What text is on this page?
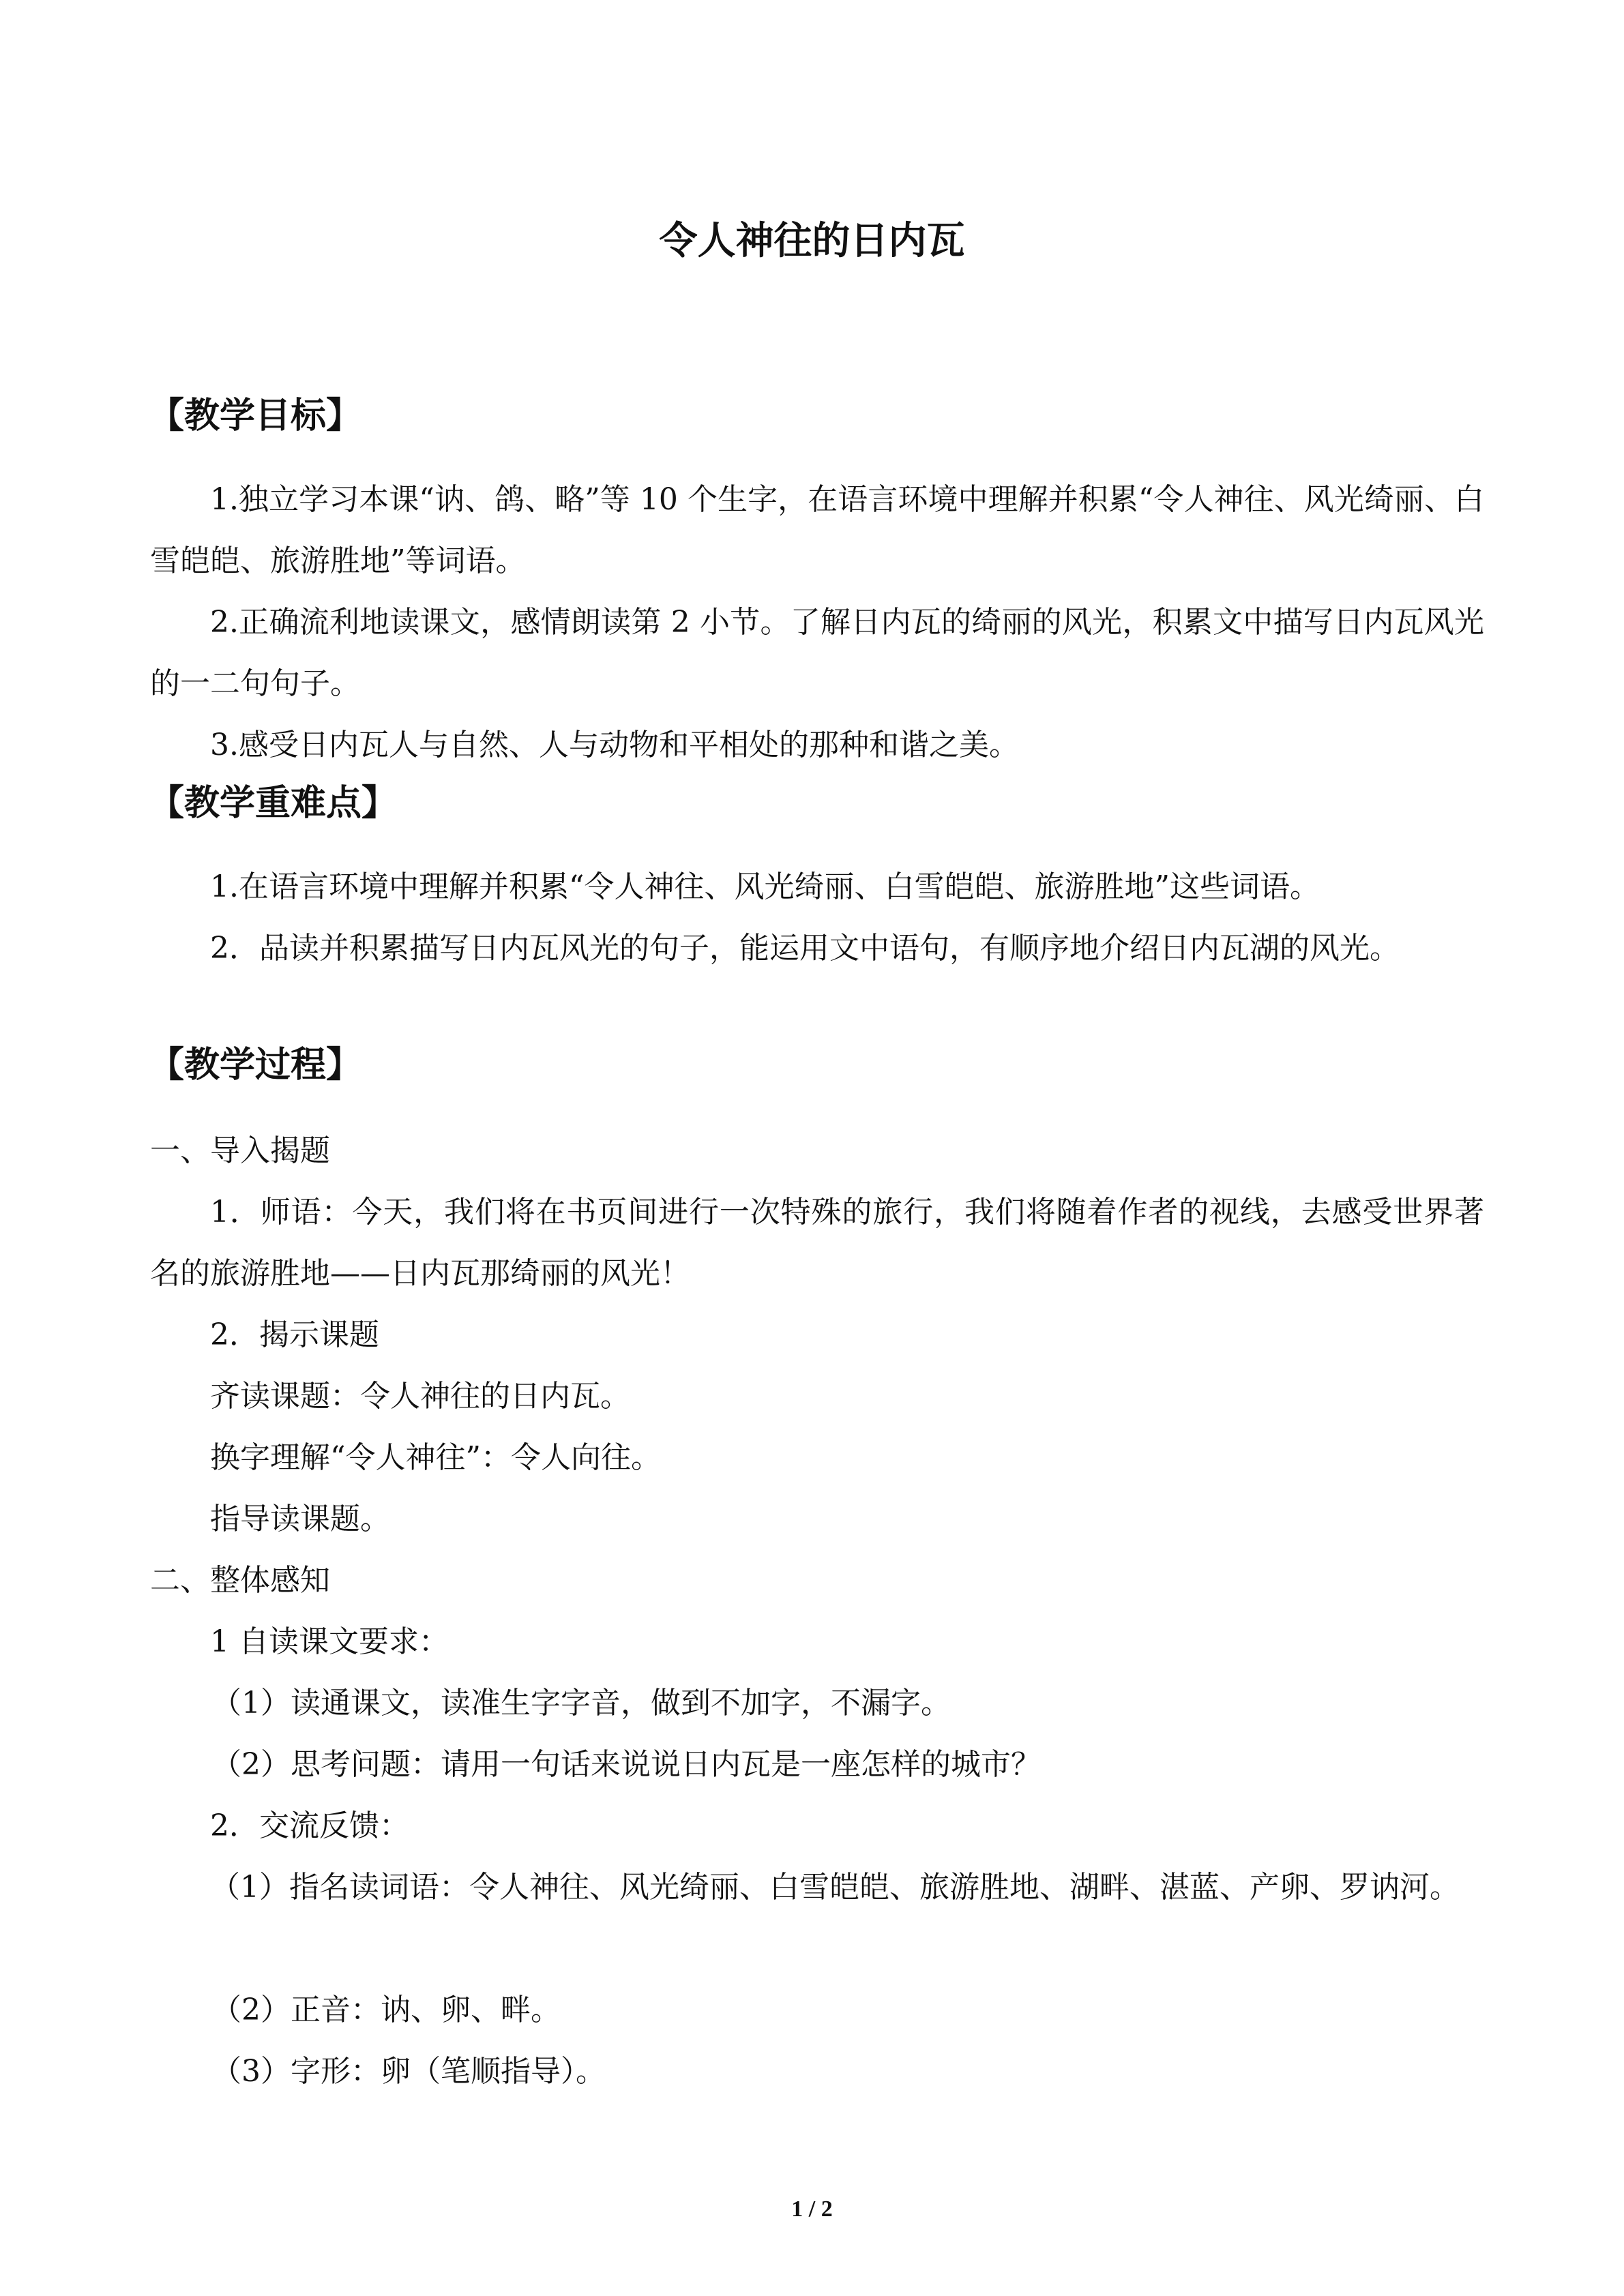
令人神往的日内瓦
【教学目标】
1.独立学习本课“讷、鸽、略”等 10 个生字，在语言环境中理解并积累“令人神往、风光绮丽、白雪皑皑、旅游胜地”等词语。
2.正确流利地读课文，感情朗读第 2 小节。了解日内瓦的绮丽的风光，积累文中描写日内瓦风光的一二句句子。
3.感受日内瓦人与自然、人与动物和平相处的那种和谐之美。
【教学重难点】
1.在语言环境中理解并积累“令人神往、风光绮丽、白雪皑皑、旅游胜地”这些词语。
2．品读并积累描写日内瓦风光的句子，能运用文中语句，有顺序地介绍日内瓦湖的风光。
【教学过程】
一、导入揭题
1．师语：今天，我们将在书页间进行一次特殊的旅行，我们将随着作者的视线，去感受世界著名的旅游胜地——日内瓦那绮丽的风光！
2．揭示课题
齐读课题：令人神往的日内瓦。
换字理解“令人神往”：令人向往。
指导读课题。
二、整体感知
1 自读课文要求：
（1）读通课文，读准生字字音，做到不加字，不漏字。
（2）思考问题：请用一句话来说说日内瓦是一座怎样的城市？
2．交流反馈：
（1）指名读词语：令人神往、风光绮丽、白雪皑皑、旅游胜地、湖畔、湛蓝、产卵、罗讷河。
（2）正音：讷、卵、畔。
（3）字形：卵（笔顺指导）。
1 / 2
